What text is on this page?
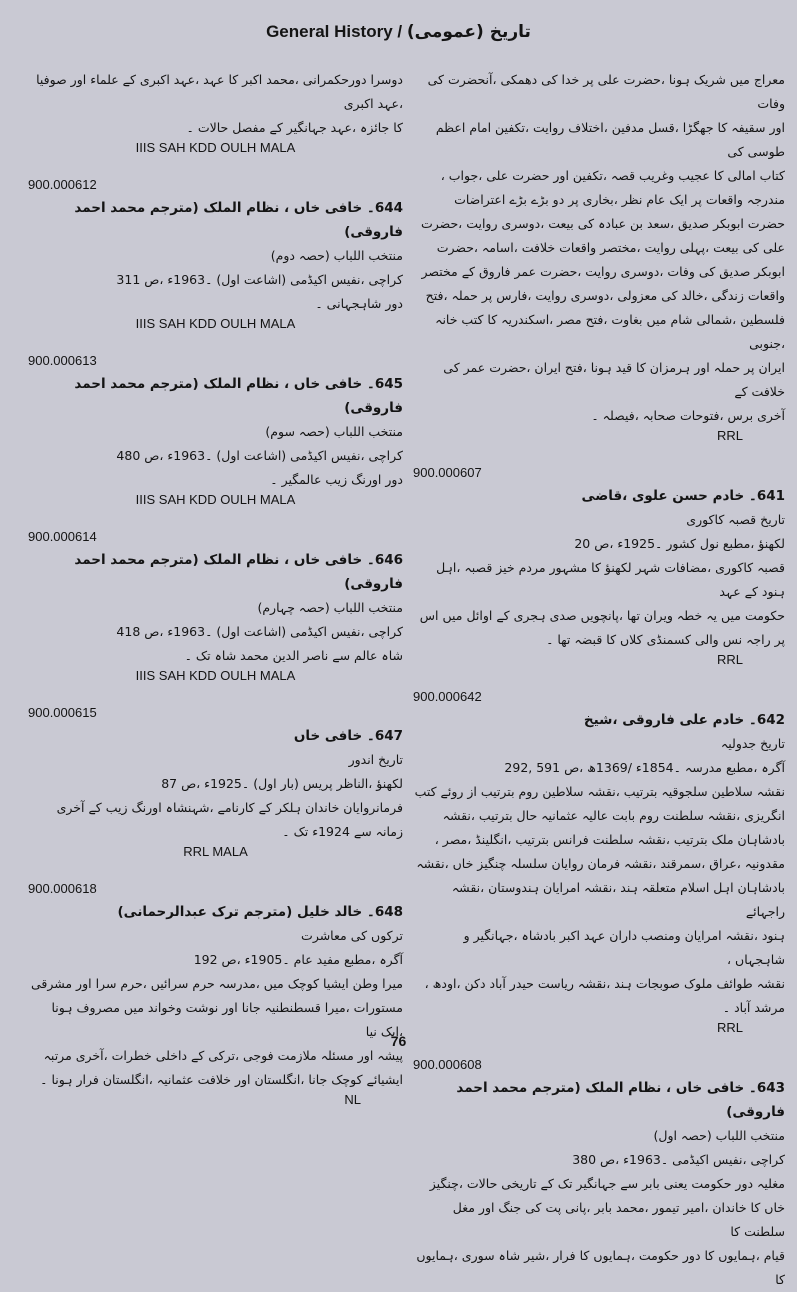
General History / (تاریخ (عمومی

دوسرا دورحکمرانی ،محمد اکبر کا عہد ،عہد اکبری کے علماء اور صوفیا ،عہد اکبری

کا جائزہ ،عہد جہانگیر کے مفصل حالات ۔

IIIS SAH KDD OULH MALA

900.000612

644۔ خافی خاں ، نظام الملک (مترجم محمد احمد فاروقی)

منتخب اللباب (حصہ دوم)

کراچی ،نفیس اکیڈمی (اشاعت اول) ۔1963ء ،ص 311

دور شاہجہانی ۔

IIIS SAH KDD OULH MALA

900.000613

645۔ خافی خاں ، نظام الملک (مترجم محمد احمد فاروقی)

منتخب اللباب (حصہ سوم)

کراچی ،نفیس اکیڈمی (اشاعت اول) ۔1963ء ،ص 480

دور اورنگ زیب عالمگیر ۔

IIIS SAH KDD OULH MALA

900.000614

646۔ خافی خاں ، نظام الملک (مترجم محمد احمد فاروقی)

منتخب اللباب (حصہ چہارم)

کراچی ،نفیس اکیڈمی (اشاعت اول) ۔1963ء ،ص 418

شاہ عالم سے ناصر الدین محمد شاہ تک ۔

IIIS SAH KDD OULH MALA

900.000615

647۔ خافی خاں

تاریخ اندور

لکھنؤ ،الناظر پریس (بار اول) ۔1925ء ،ص 87

فرمانروایان خاندان ہلکر کے کارنامے ،شہنشاہ اورنگ زیب کے آخری

زمانہ سے 1924ء تک ۔

RRL MALA

900.000618

648۔ خالد خلیل (مترجم ترک عبدالرحمانی)

ترکوں کی معاشرت

آگرہ ،مطبع مفید عام ۔1905ء ،ص 192

میرا وطن ایشیا کوچک میں ،مدرسہ حرم سرائیں ،حرم سرا اور مشرقی

مستورات ،میرا قسطنطنیہ جانا اور نوشت وخواند میں مصروف ہونا ،ایک نیا

پیشہ اور مسئلہ ملازمت فوجی ،ترکی کے داخلی خطرات ،آخری مرتبہ

ایشیائے کوچک جانا ،انگلستان اور خلافت عثمانیہ ،انگلستان فرار ہونا ۔

NL

معراج میں شریک ہونا ،حضرت علی پر خدا کی دھمکی ،آنحضرت کی وفات

اور سقیفہ کا جھگڑا ،قسل مدفین ،اختلاف روایت ،تکفین امام اعظم طوسی کی

کتاب امالی کا عجیب وغریب قصہ ،تکفین اور حضرت علی ،جواب ،

مندرجہ واقعات پر ایک عام نظر ،بخاری پر دو بڑے بڑے اعتراضات

حضرت ابوبکر صدیق ،سعد بن عبادہ کی بیعت ،دوسری روایت ،حضرت

علی کی بیعت ،پہلی روایت ،مختصر واقعات خلافت ،اسامہ ،حضرت

ابوبکر صدیق کی وفات ،دوسری روایت ،حضرت عمر فاروق کے مختصر

واقعات زندگی ،خالد کی معزولی ،دوسری روایت ،فارس پر حملہ ،فتح

فلسطین ،شمالی شام میں بغاوت ،فتح مصر ،اسکندریہ کا کتب خانہ ،جنوبی

ایران پر حملہ اور ہرمزان کا قید ہونا ،فتح ایران ،حضرت عمر کی خلافت کے

آخری برس ،فتوحات صحابہ ،فیصلہ ۔

RRL

900.000607

641۔ خادم حسن علوی ،قاضی

تاریخ قصبہ کاکوری

لکھنؤ ،مطبع نول کشور ۔1925ء ،ص 20

قصبہ کاکوری ،مضافات شہر لکھنؤ کا مشہور مردم خیز قصبہ ،اہل ہنود کے عہد

حکومت میں یہ خطہ ویران تھا ،پانچویں صدی ہجری کے اوائل میں اس

پر راجہ نس والی کسمنڈی کلاں کا قبضہ تھا ۔

RRL

900.000642

642۔ خادم علی فاروقی ،شیخ

تاریخ جدولیہ

آگرہ ،مطبع مدرسہ ۔1854ء /1369ھ ،ص 591 ,292

نقشہ سلاطین سلجوقیہ بترتیب ،نقشہ سلاطین روم بترتیب از روئے کتب

انگریزی ،نقشہ سلطنت روم بابت عالیہ عثمانیہ حال بترتیب ،نقشہ

بادشاہان ملک بترتیب ،نقشہ سلطنت فرانس بترتیب ،انگلینڈ ،مصر ،

مقدونیہ ،عراق ،سمرقند ،نقشہ فرمان روایان سلسلہ چنگیز خاں ،نقشہ

بادشاہان اہل اسلام متعلقہ ہند ،نقشہ امرایان ہندوستان ،نقشہ راجہائے

ہنود ،نقشہ امرایان ومنصب داران عہد اکبر بادشاہ ،جہانگیر و شاہجہاں ،

نقشہ طوائف ملوک صوبجات ہند ،نقشہ ریاست حیدر آباد دکن ،اودھ ،

مرشد آباد ۔

RRL

900.000608

643۔ خافی خاں ، نظام الملک (مترجم محمد احمد فاروقی)

منتخب اللباب (حصہ اول)

کراچی ،نفیس اکیڈمی ۔1963ء ،ص 380

مغلیہ دور حکومت یعنی بابر سے جہانگیر تک کے تاریخی حالات ،چنگیز

خاں کا خاندان ،امیر تیمور ،محمد بابر ،پانی پت کی جنگ اور مغل سلطنت کا

قیام ،ہمایوں کا دور حکومت ،ہمایوں کا فرار ،شیر شاہ سوری ،ہمایوں کا

76
